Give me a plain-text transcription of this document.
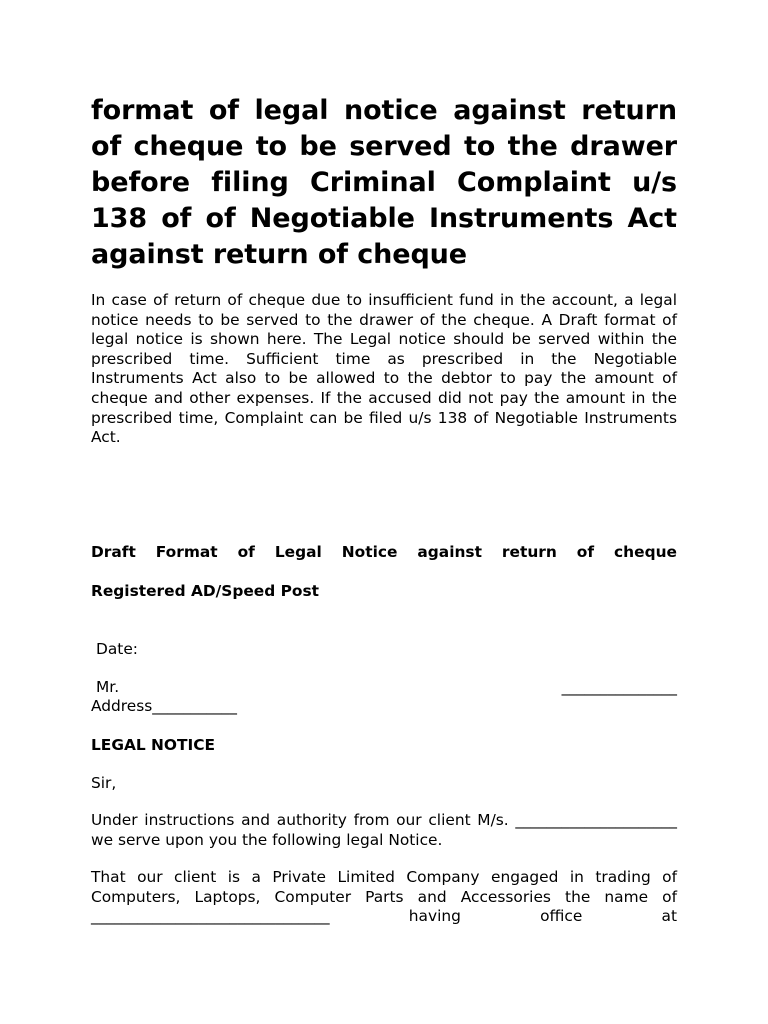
format of legal notice against return of cheque to be served to the drawer before filing Criminal Complaint u/s 138 of of Negotiable Instruments Act against return of cheque

In case of return of cheque due to insufficient fund in the account, a legal notice needs to be served to the drawer of the cheque. A Draft format of legal notice is shown here. The Legal notice should be served within the prescribed time. Sufficient time as prescribed in the Negotiable Instruments Act also to be allowed to the debtor to pay the amount of cheque and other expenses. If the accused did not pay the amount in the prescribed time, Complaint can be filed u/s 138 of Negotiable Instruments Act.

Draft Format of Legal Notice against return of cheque

Registered AD/Speed Post

Date:
Mr.	_______________
Address___________

LEGAL NOTICE

Sir,

Under instructions and authority from our client M/s. _____________________ we serve upon you the following legal Notice.

That our client is a Private Limited Company engaged in trading of Computers, Laptops, Computer Parts and Accessories the name of _______________________________ having office at
